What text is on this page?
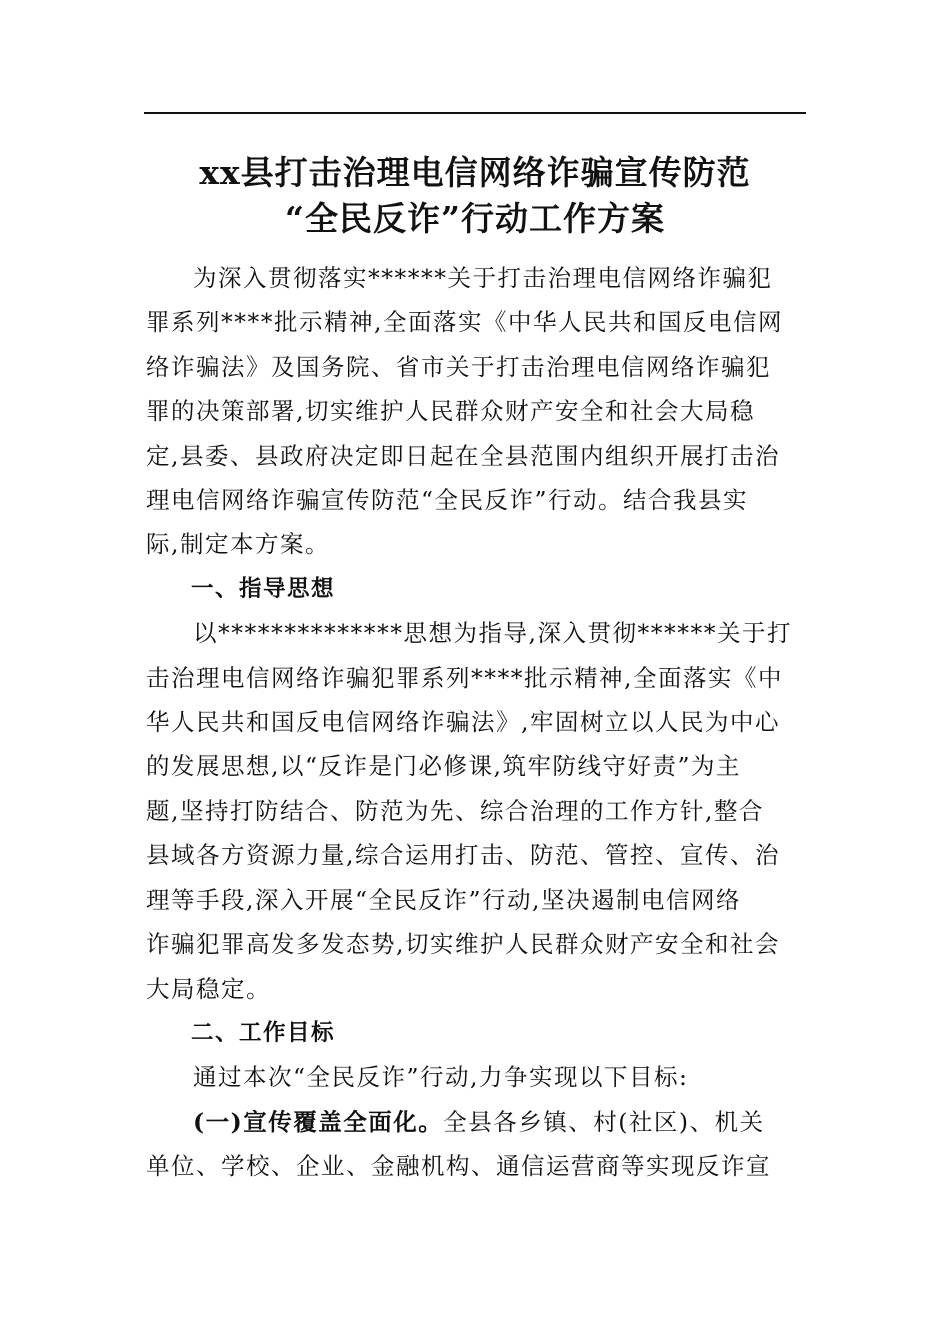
xx县打击治理电信网络诈骗宣传防范
“全民反诈”行动工作方案
为深入贯彻落实******关于打击治理电信网络诈骗犯
罪系列****批示精神,全面落实《中华人民共和国反电信网
络诈骗法》及国务院、省市关于打击治理电信网络诈骗犯
罪的决策部署,切实维护人民群众财产安全和社会大局稳
定,县委、县政府决定即日起在全县范围内组织开展打击治
理电信网络诈骗宣传防范“全民反诈”行动。结合我县实
际,制定本方案。
一、指导思想
以**************思想为指导,深入贯彻******关于打
击治理电信网络诈骗犯罪系列****批示精神,全面落实《中
华人民共和国反电信网络诈骗法》,牢固树立以人民为中心
的发展思想,以“反诈是门必修课,筑牢防线守好责”为主
题,坚持打防结合、防范为先、综合治理的工作方针,整合
县域各方资源力量,综合运用打击、防范、管控、宣传、治
理等手段,深入开展“全民反诈”行动,坚决遏制电信网络
诈骗犯罪高发多发态势,切实维护人民群众财产安全和社会
大局稳定。
二、工作目标
通过本次“全民反诈”行动,力争实现以下目标:
(一)宣传覆盖全面化。全县各乡镇、村(社区)、机关
单位、学校、企业、金融机构、通信运营商等实现反诈宣
